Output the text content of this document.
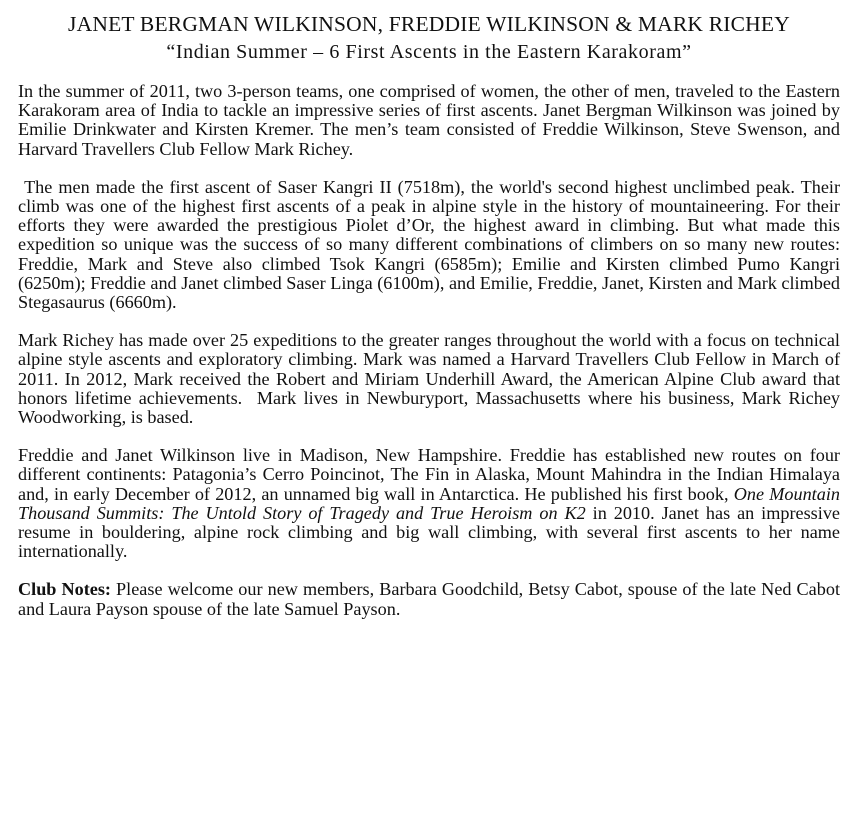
JANET BERGMAN WILKINSON, FREDDIE WILKINSON & MARK RICHEY
“Indian Summer – 6 First Ascents in the Eastern Karakoram”

In the summer of 2011, two 3-person teams, one comprised of women, the other of men, traveled to the Eastern Karakoram area of India to tackle an impressive series of first ascents. Janet Bergman Wilkinson was joined by Emilie Drinkwater and Kirsten Kremer. The men’s team consisted of Freddie Wilkinson, Steve Swenson, and Harvard Travellers Club Fellow Mark Richey.

The men made the first ascent of Saser Kangri II (7518m), the world's second highest unclimbed peak. Their climb was one of the highest first ascents of a peak in alpine style in the history of mountaineering. For their efforts they were awarded the prestigious Piolet d’Or, the highest award in climbing. But what made this expedition so unique was the success of so many different combinations of climbers on so many new routes: Freddie, Mark and Steve also climbed Tsok Kangri (6585m); Emilie and Kirsten climbed Pumo Kangri (6250m); Freddie and Janet climbed Saser Linga (6100m), and Emilie, Freddie, Janet, Kirsten and Mark climbed Stegasaurus (6660m).

Mark Richey has made over 25 expeditions to the greater ranges throughout the world with a focus on technical alpine style ascents and exploratory climbing. Mark was named a Harvard Travellers Club Fellow in March of 2011. In 2012, Mark received the Robert and Miriam Underhill Award, the American Alpine Club award that honors lifetime achievements.  Mark lives in Newburyport, Massachusetts where his business, Mark Richey Woodworking, is based.

Freddie and Janet Wilkinson live in Madison, New Hampshire. Freddie has established new routes on four different continents: Patagonia’s Cerro Poincinot, The Fin in Alaska, Mount Mahindra in the Indian Himalaya and, in early December of 2012, an unnamed big wall in Antarctica. He published his first book, One Mountain Thousand Summits: The Untold Story of Tragedy and True Heroism on K2 in 2010. Janet has an impressive resume in bouldering, alpine rock climbing and big wall climbing, with several first ascents to her name internationally.

Club Notes: Please welcome our new members, Barbara Goodchild, Betsy Cabot, spouse of the late Ned Cabot and Laura Payson spouse of the late Samuel Payson.
